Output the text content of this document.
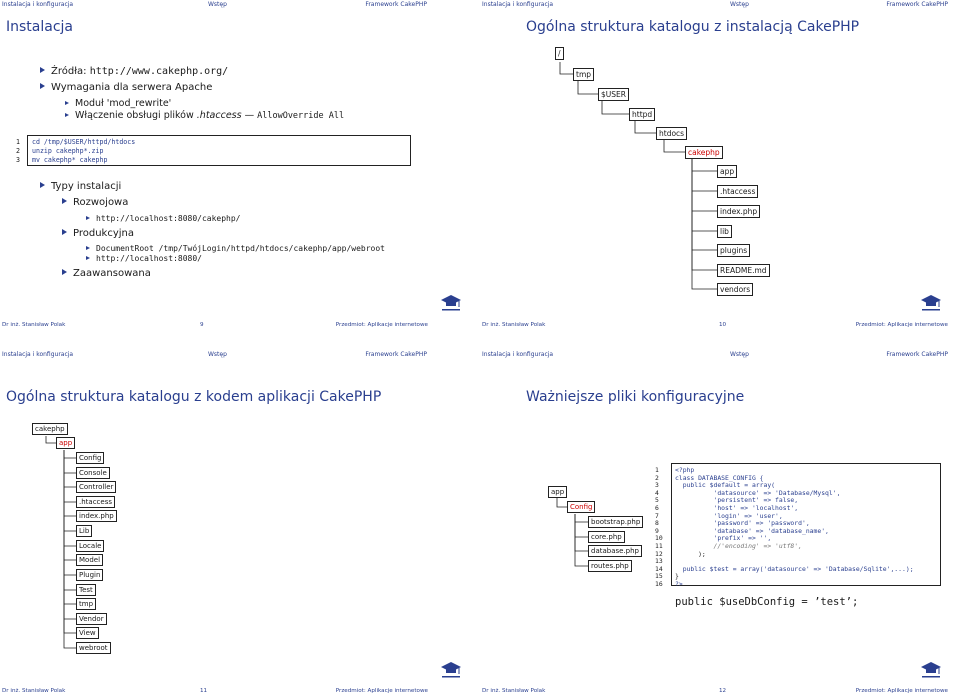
Instalacja i konfiguracja	Wstęp	Framework CakePHP
Instalacja
Źródła: http://www.cakephp.org/
Wymagania dla serwera Apache
Moduł 'mod_rewrite'
Włączenie obsługi plików .htaccess — AllowOverride All
1 cd /tmp/$USER/httpd/htdocs
2 unzip cakephp*.zip
3 mv cakephp* cakephp
Typy instalacji
Rozwojowa
http://localhost:8080/cakephp/
Produkcyjna
DocumentRoot /tmp/TwójLogin/httpd/htdocs/cakephp/app/webroot
http://localhost:8080/
Zaawansowana
Dr inż. Stanisław Polak	9	Przedmiot: Aplikacje internetowe
Instalacja i konfiguracja	Wstęp	Framework CakePHP
Ogólna struktura katalogu z instalacją CakePHP
/
tmp
$USER
httpd
htdocs
cakephp
app
.htaccess
index.php
lib
plugins
README.md
vendors
Dr inż. Stanisław Polak	10	Przedmiot: Aplikacje internetowe
Instalacja i konfiguracja	Wstęp	Framework CakePHP
Ogólna struktura katalogu z kodem aplikacji CakePHP
cakephp
app
Config
Console
Controller
.htaccess
index.php
Lib
Locale
Model
Plugin
Test
tmp
Vendor
View
webroot
Dr inż. Stanisław Polak	11	Przedmiot: Aplikacje internetowe
Instalacja i konfiguracja	Wstęp	Framework CakePHP
Ważniejsze pliki konfiguracyjne
app
Config
bootstrap.php
core.php
database.php
routes.php
Dr inż. Stanisław Polak	12	Przedmiot: Aplikacje internetowe
1	<?php
2	class DATABASE_CONFIG {
3	public $default = array(
4	'datasource' => 'Database/Mysql',
5	'persistent' => false,
6	'host' => 'localhost',
7	'login' => 'user',
8	'password' => 'password',
9	'database' => 'database_name',
10 'prefix' => '',
11 //'encoding' => 'utf8',
12 );
13
14 public $test = array('datasource' => 'Database/Sqlite',...);
15 }
16 ?>
public $useDbConfig = ’test’;
